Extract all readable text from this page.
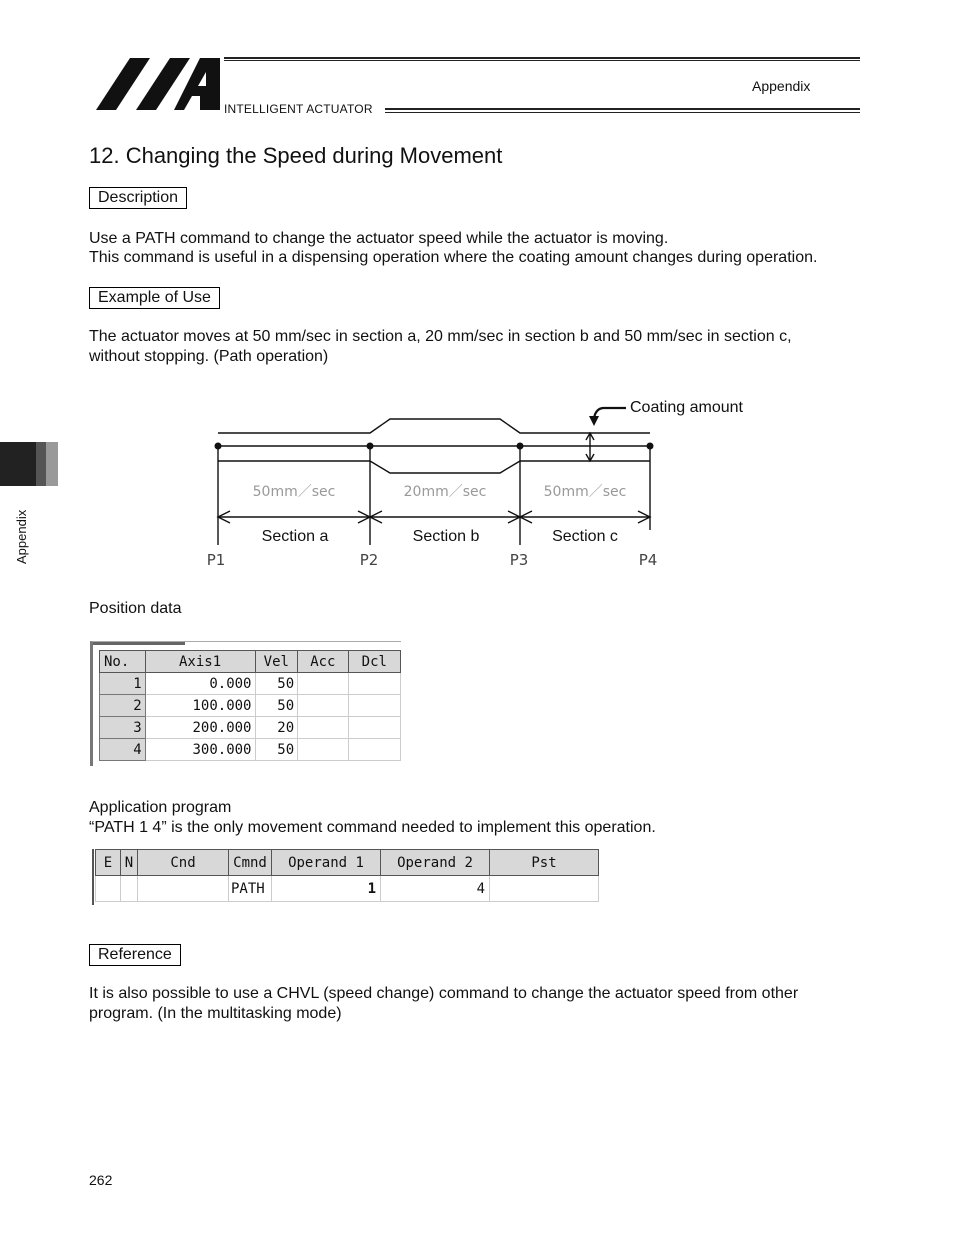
INTELLIGENT ACTUATOR
Appendix
Appendix
12. Changing the Speed during Movement
Description
Use a PATH command to change the actuator speed while the actuator is moving.
This command is useful in a dispensing operation where the coating amount changes during operation.
Example of Use
The actuator moves at 50 mm/sec in section a, 20 mm/sec in section b and 50 mm/sec in section c,
without stopping. (Path operation)
50mm／sec	20mm／sec	50mm／sec
Section a	Section b	Section c
Coating amount
P1	P2	P3	P4
Position data
No.	Axis1	Vel	Acc	Dcl
1	0.000	50		
2	100.000	50		
3	200.000	20		
4	300.000	50		
Application program
“PATH 1 4” is the only movement command needed to implement this operation.
E	N	Cnd	Cmnd	Operand 1	Operand 2	Pst
			PATH	1	4	
Reference
It is also possible to use a CHVL (speed change) command to change the actuator speed from other
program. (In the multitasking mode)
262
